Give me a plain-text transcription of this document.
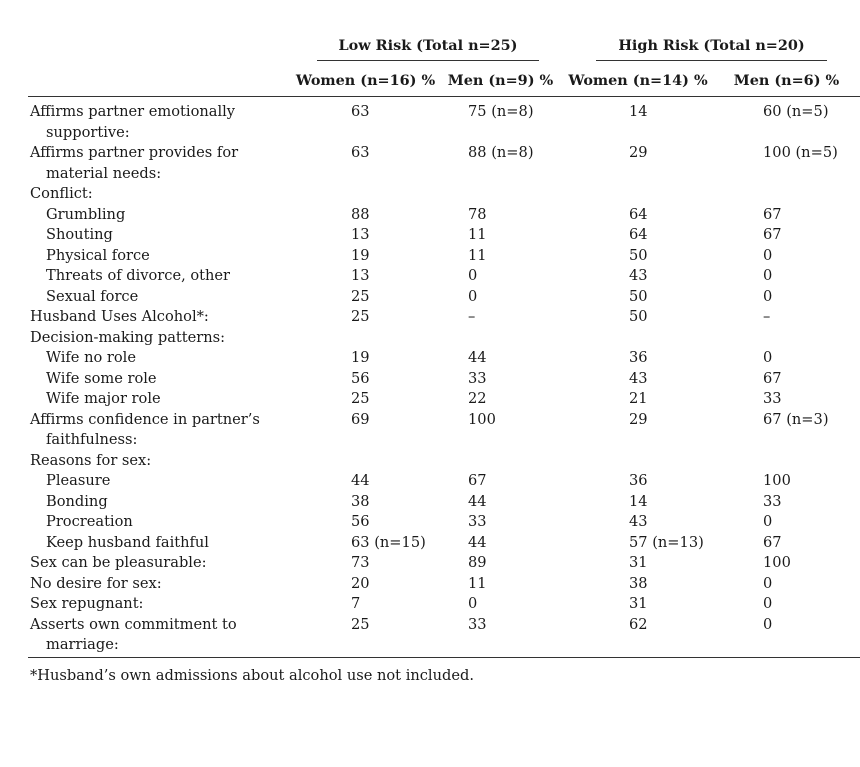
	Low Risk (Total n=25)		High Risk (Total n=20)	
	Women (n=16) %	Men (n=9) %	Women (n=14) %	Men (n=6) %
Affirms partner emotionally	63	75 (n=8)	14	60 (n=5)
supportive:				
Affirms partner provides for	63	88 (n=8)	29	100 (n=5)
material needs:				
Conflict:				
Grumbling	88	78	64	67
Shouting	13	11	64	67
Physical force	19	11	50	0
Threats of divorce, other	13	0	43	0
Sexual force	25	0	50	0
Husband Uses Alcohol*:	25	–	50	–
Decision-making patterns:				
Wife no role	19	44	36	0
Wife some role	56	33	43	67
Wife major role	25	22	21	33
Affirms confidence in partner’s	69	100	29	67 (n=3)
faithfulness:				
Reasons for sex:				
Pleasure	44	67	36	100
Bonding	38	44	14	33
Procreation	56	33	43	0
Keep husband faithful	63 (n=15)	44	57 (n=13)	67
Sex can be pleasurable:	73	89	31	100
No desire for sex:	20	11	38	0
Sex repugnant:	7	0	31	0
Asserts own commitment to	25	33	62	0
marriage:				
*Husband’s own admissions about alcohol use not included.
